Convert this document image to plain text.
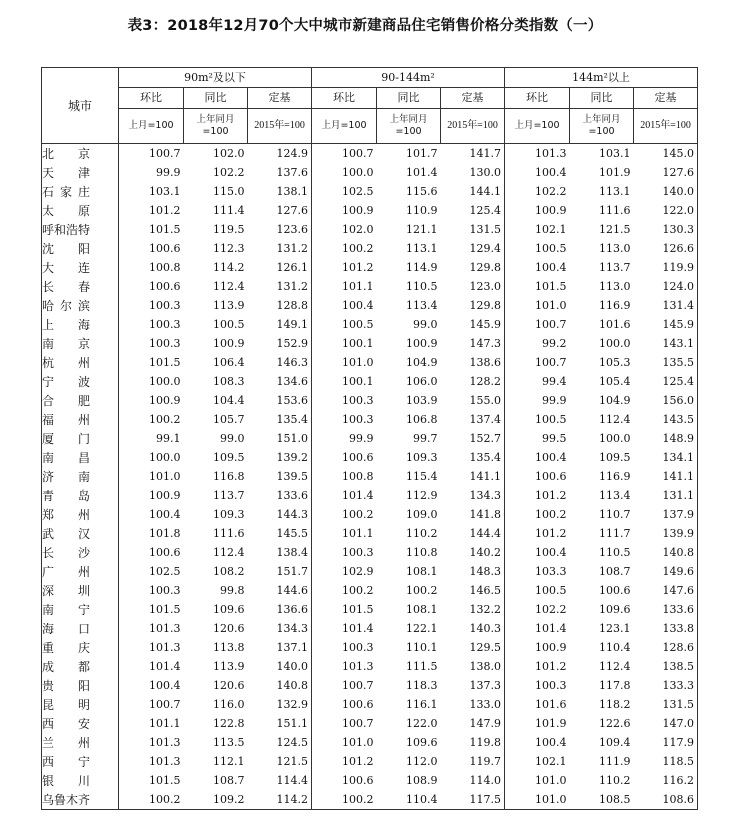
表3：2018年12月70个大中城市新建商品住宅销售价格分类指数（一）
城市	90m²及以下			90-144m²			144m²以上		
	环比	同比	定基	环比	同比	定基	环比	同比	定基
	上月=100	上年同月=100	2015年=100	上月=100	上年同月=100	2015年=100	上月=100	上年同月=100	2015年=100
北京	100.7	102.0	124.9	100.7	101.7	141.7	101.3	103.1	145.0
天津	99.9	102.2	137.6	100.0	101.4	130.0	100.4	101.9	127.6
石家庄	103.1	115.0	138.1	102.5	115.6	144.1	102.2	113.1	140.0
太原	101.2	111.4	127.6	100.9	110.9	125.4	100.9	111.6	122.0
呼和浩特	101.5	119.5	123.6	102.0	121.1	131.5	102.1	121.5	130.3
沈阳	100.6	112.3	131.2	100.2	113.1	129.4	100.5	113.0	126.6
大连	100.8	114.2	126.1	101.2	114.9	129.8	100.4	113.7	119.9
长春	100.6	112.4	131.2	101.1	110.5	123.0	101.5	113.0	124.0
哈尔滨	100.3	113.9	128.8	100.4	113.4	129.8	101.0	116.9	131.4
上海	100.3	100.5	149.1	100.5	99.0	145.9	100.7	101.6	145.9
南京	100.3	100.9	152.9	100.1	100.9	147.3	99.2	100.0	143.1
杭州	101.5	106.4	146.3	101.0	104.9	138.6	100.7	105.3	135.5
宁波	100.0	108.3	134.6	100.1	106.0	128.2	99.4	105.4	125.4
合肥	100.9	104.4	153.6	100.3	103.9	155.0	99.9	104.9	156.0
福州	100.2	105.7	135.4	100.3	106.8	137.4	100.5	112.4	143.5
厦门	99.1	99.0	151.0	99.9	99.7	152.7	99.5	100.0	148.9
南昌	100.0	109.5	139.2	100.6	109.3	135.4	100.4	109.5	134.1
济南	101.0	116.8	139.5	100.8	115.4	141.1	100.6	116.9	141.1
青岛	100.9	113.7	133.6	101.4	112.9	134.3	101.2	113.4	131.1
郑州	100.4	109.3	144.3	100.2	109.0	141.8	100.2	110.7	137.9
武汉	101.8	111.6	145.5	101.1	110.2	144.4	101.2	111.7	139.9
长沙	100.6	112.4	138.4	100.3	110.8	140.2	100.4	110.5	140.8
广州	102.5	108.2	151.7	102.9	108.1	148.3	103.3	108.7	149.6
深圳	100.3	99.8	144.6	100.2	100.2	146.5	100.5	100.6	147.6
南宁	101.5	109.6	136.6	101.5	108.1	132.2	102.2	109.6	133.6
海口	101.3	120.6	134.3	101.4	122.1	140.3	101.4	123.1	133.8
重庆	101.3	113.8	137.1	100.3	110.1	129.5	100.9	110.4	128.6
成都	101.4	113.9	140.0	101.3	111.5	138.0	101.2	112.4	138.5
贵阳	100.4	120.6	140.8	100.7	118.3	137.3	100.3	117.8	133.3
昆明	100.7	116.0	132.9	100.6	116.1	133.0	101.6	118.2	131.5
西安	101.1	122.8	151.1	100.7	122.0	147.9	101.9	122.6	147.0
兰州	101.3	113.5	124.5	101.0	109.6	119.8	100.4	109.4	117.9
西宁	101.3	112.1	121.5	101.2	112.0	119.7	102.1	111.9	118.5
银川	101.5	108.7	114.4	100.6	108.9	114.0	101.0	110.2	116.2
乌鲁木齐	100.2	109.2	114.2	100.2	110.4	117.5	101.0	108.5	108.6
